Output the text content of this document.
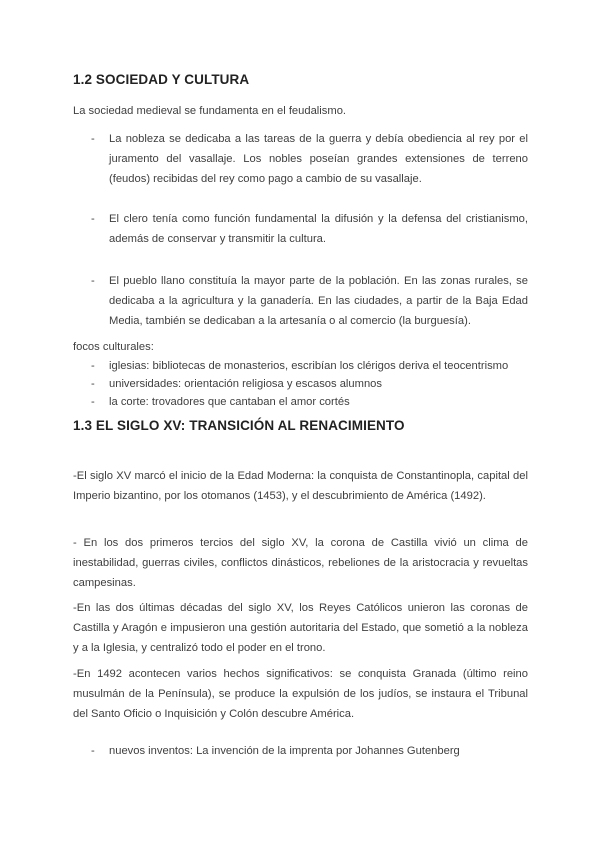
1.2 SOCIEDAD Y CULTURA

La sociedad medieval se fundamenta en el feudalismo.

- La nobleza se dedicaba a las tareas de la guerra y debía obediencia al rey por el juramento del vasallaje. Los nobles poseían grandes extensiones de terreno (feudos) recibidas del rey como pago a cambio de su vasallaje.

- El clero tenía como función fundamental la difusión y la defensa del cristianismo, además de conservar y transmitir la cultura.

- El pueblo llano constituía la mayor parte de la población. En las zonas rurales, se dedicaba a la agricultura y la ganadería. En las ciudades, a partir de la Baja Edad Media, también se dedicaban a la artesanía o al comercio (la burguesía).

focos culturales:

- iglesias: bibliotecas de monasterios, escribían los clérigos deriva el teocentrismo

- universidades: orientación religiosa y escasos alumnos

- la corte: trovadores que cantaban el amor cortés

1.3 EL SIGLO XV: TRANSICIÓN AL RENACIMIENTO

-El siglo XV marcó el inicio de la Edad Moderna: la conquista de Constantinopla, capital del Imperio bizantino, por los otomanos (1453), y el descubrimiento de América (1492).

- En los dos primeros tercios del siglo XV, la corona de Castilla vivió un clima de inestabilidad, guerras civiles, conflictos dinásticos, rebeliones de la aristocracia y revueltas campesinas.

-En las dos últimas décadas del siglo XV, los Reyes Católicos unieron las coronas de Castilla y Aragón e impusieron una gestión autoritaria del Estado, que sometió a la nobleza y a la Iglesia, y centralizó todo el poder en el trono.

-En 1492 acontecen varios hechos significativos: se conquista Granada (último reino musulmán de la Península), se produce la expulsión de los judíos, se instaura el Tribunal del Santo Oficio o Inquisición y Colón descubre América.

- nuevos inventos: La invención de la imprenta por Johannes Gutenberg
